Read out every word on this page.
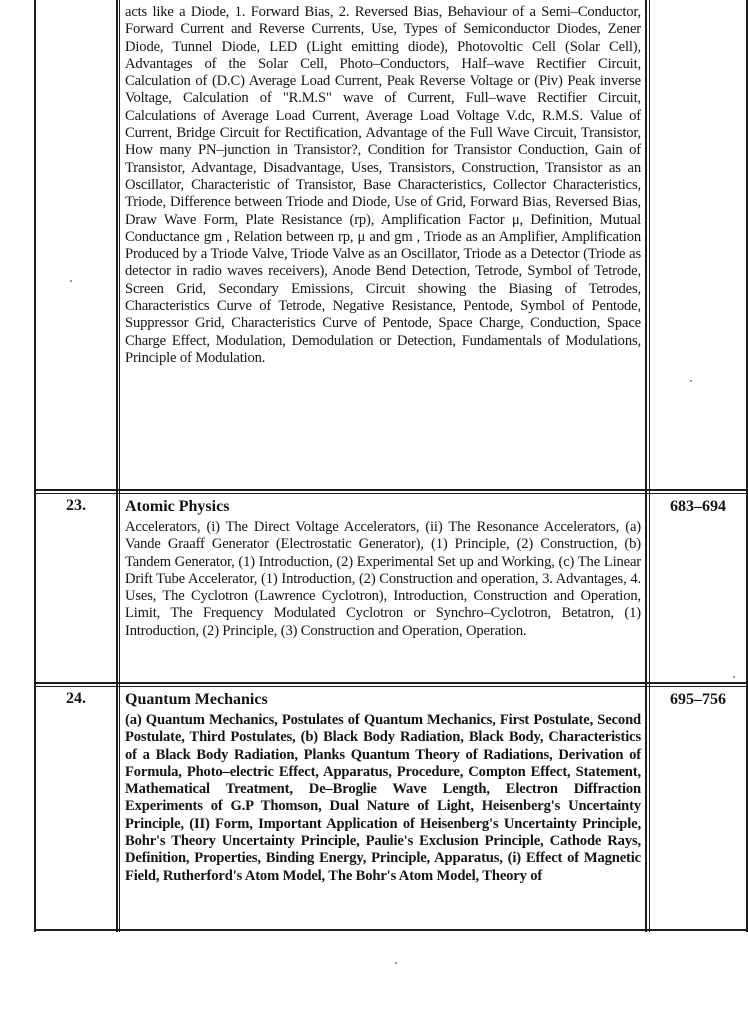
acts like a Diode, 1. Forward Bias, 2. Reversed Bias, Behaviour of a Semi–Conductor, Forward Current and Reverse Currents, Use, Types of Semiconductor Diodes, Zener Diode, Tunnel Diode, LED (Light emitting diode), Photovoltic Cell (Solar Cell), Advantages of the Solar Cell, Photo–Conductors, Half–wave Rectifier Circuit, Calculation of (D.C) Average Load Current, Peak Reverse Voltage or (Piv) Peak inverse Voltage, Calculation of "R.M.S" wave of Current, Full–wave Rectifier Circuit, Calculations of Average Load Current, Average Load Voltage V.dc, R.M.S. Value of Current, Bridge Circuit for Rectification, Advantage of the Full Wave Circuit, Transistor, How many PN–junction in Transistor?, Condition for Transistor Conduction, Gain of Transistor, Advantage, Disadvantage, Uses, Transistors, Construction, Transistor as an Oscillator, Characteristic of Transistor, Base Characteristics, Collector Characteristics, Triode, Difference between Triode and Diode, Use of Grid, Forward Bias, Reversed Bias, Draw Wave Form, Plate Resistance (rp), Amplification Factor μ, Definition, Mutual Conductance gm , Relation between rp, μ and gm , Triode as an Amplifier, Amplification Produced by a Triode Valve, Triode Valve as an Oscillator, Triode as a Detector (Triode as detector in radio waves receivers), Anode Bend Detection, Tetrode, Symbol of Tetrode, Screen Grid, Secondary Emissions, Circuit showing the Biasing of Tetrodes, Characteristics Curve of Tetrode, Negative Resistance, Pentode, Symbol of Pentode, Suppressor Grid, Characteristics Curve of Pentode, Space Charge, Conduction, Space Charge Effect, Modulation, Demodulation or Detection, Fundamentals of Modulations, Principle of Modulation.

23.	Atomic Physics

Accelerators, (i) The Direct Voltage Accelerators, (ii) The Resonance Accelerators, (a) Vande Graaff Generator (Electrostatic Generator), (1) Principle, (2) Construction, (b) Tandem Generator, (1) Introduction, (2) Experimental Set up and Working, (c) The Linear Drift Tube Accelerator, (1) Introduction, (2) Construction and operation, 3. Advantages, 4. Uses, The Cyclotron (Lawrence Cyclotron), Introduction, Construction and Operation, Limit, The Frequency Modulated Cyclotron or Synchro–Cyclotron, Betatron, (1) Introduction, (2) Principle, (3) Construction and Operation, Operation.

683–694
24.	Quantum Mechanics

(a) Quantum Mechanics, Postulates of Quantum Mechanics, First Postulate, Second Postulate, Third Postulates, (b) Black Body Radiation, Black Body, Characteristics of a Black Body Radiation, Planks Quantum Theory of Radiations, Derivation of Formula, Photo–electric Effect, Apparatus, Procedure, Compton Effect, Statement, Mathematical Treatment, De–Broglie Wave Length, Electron Diffraction Experiments of G.P Thomson, Dual Nature of Light, Heisenberg's Uncertainty Principle, (II) Form, Important Application of Heisenberg's Uncertainty Principle, Bohr's Theory Uncertainty Principle, Paulie's Exclusion Principle, Cathode Rays, Definition, Properties, Binding Energy, Principle, Apparatus, (i) Effect of Magnetic Field, Rutherford's Atom Model, The Bohr's Atom Model, Theory of

695–756
